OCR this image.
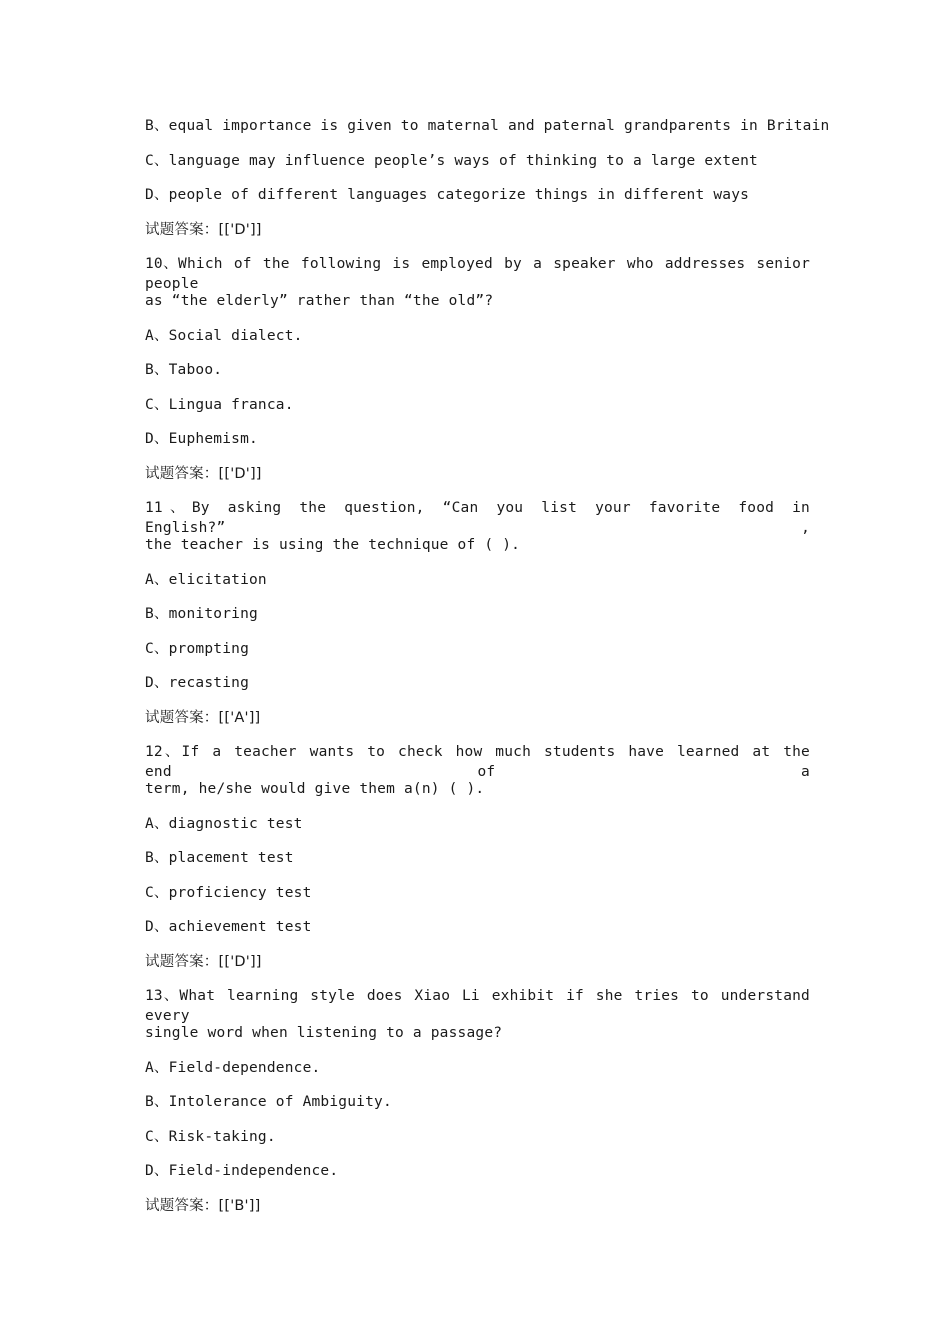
B、equal importance is given to maternal and paternal grandparents in Britain
C、language may influence people’s ways of thinking to a large extent
D、people of different languages categorize things in different ways
试题答案：[['D']]
10、Which of the following is employed by a speaker who addresses senior people
as “the elderly” rather than “the old”?
A、Social dialect.
B、Taboo.
C、Lingua franca.
D、Euphemism.
试题答案：[['D']]
11、By asking the question, “Can you list your favorite food in English?” ,
the teacher is using the technique of ( ).
A、elicitation
B、monitoring
C、prompting
D、recasting
试题答案：[['A']]
12、If a teacher wants to check how much students have learned at the end of a
term, he/she would give them a(n) ( ).
A、diagnostic test
B、placement test
C、proficiency test
D、achievement test
试题答案：[['D']]
13、What learning style does Xiao Li exhibit if she tries to understand every
single word when listening to a passage?
A、Field-dependence.
B、Intolerance of Ambiguity.
C、Risk-taking.
D、Field-independence.
试题答案：[['B']]
